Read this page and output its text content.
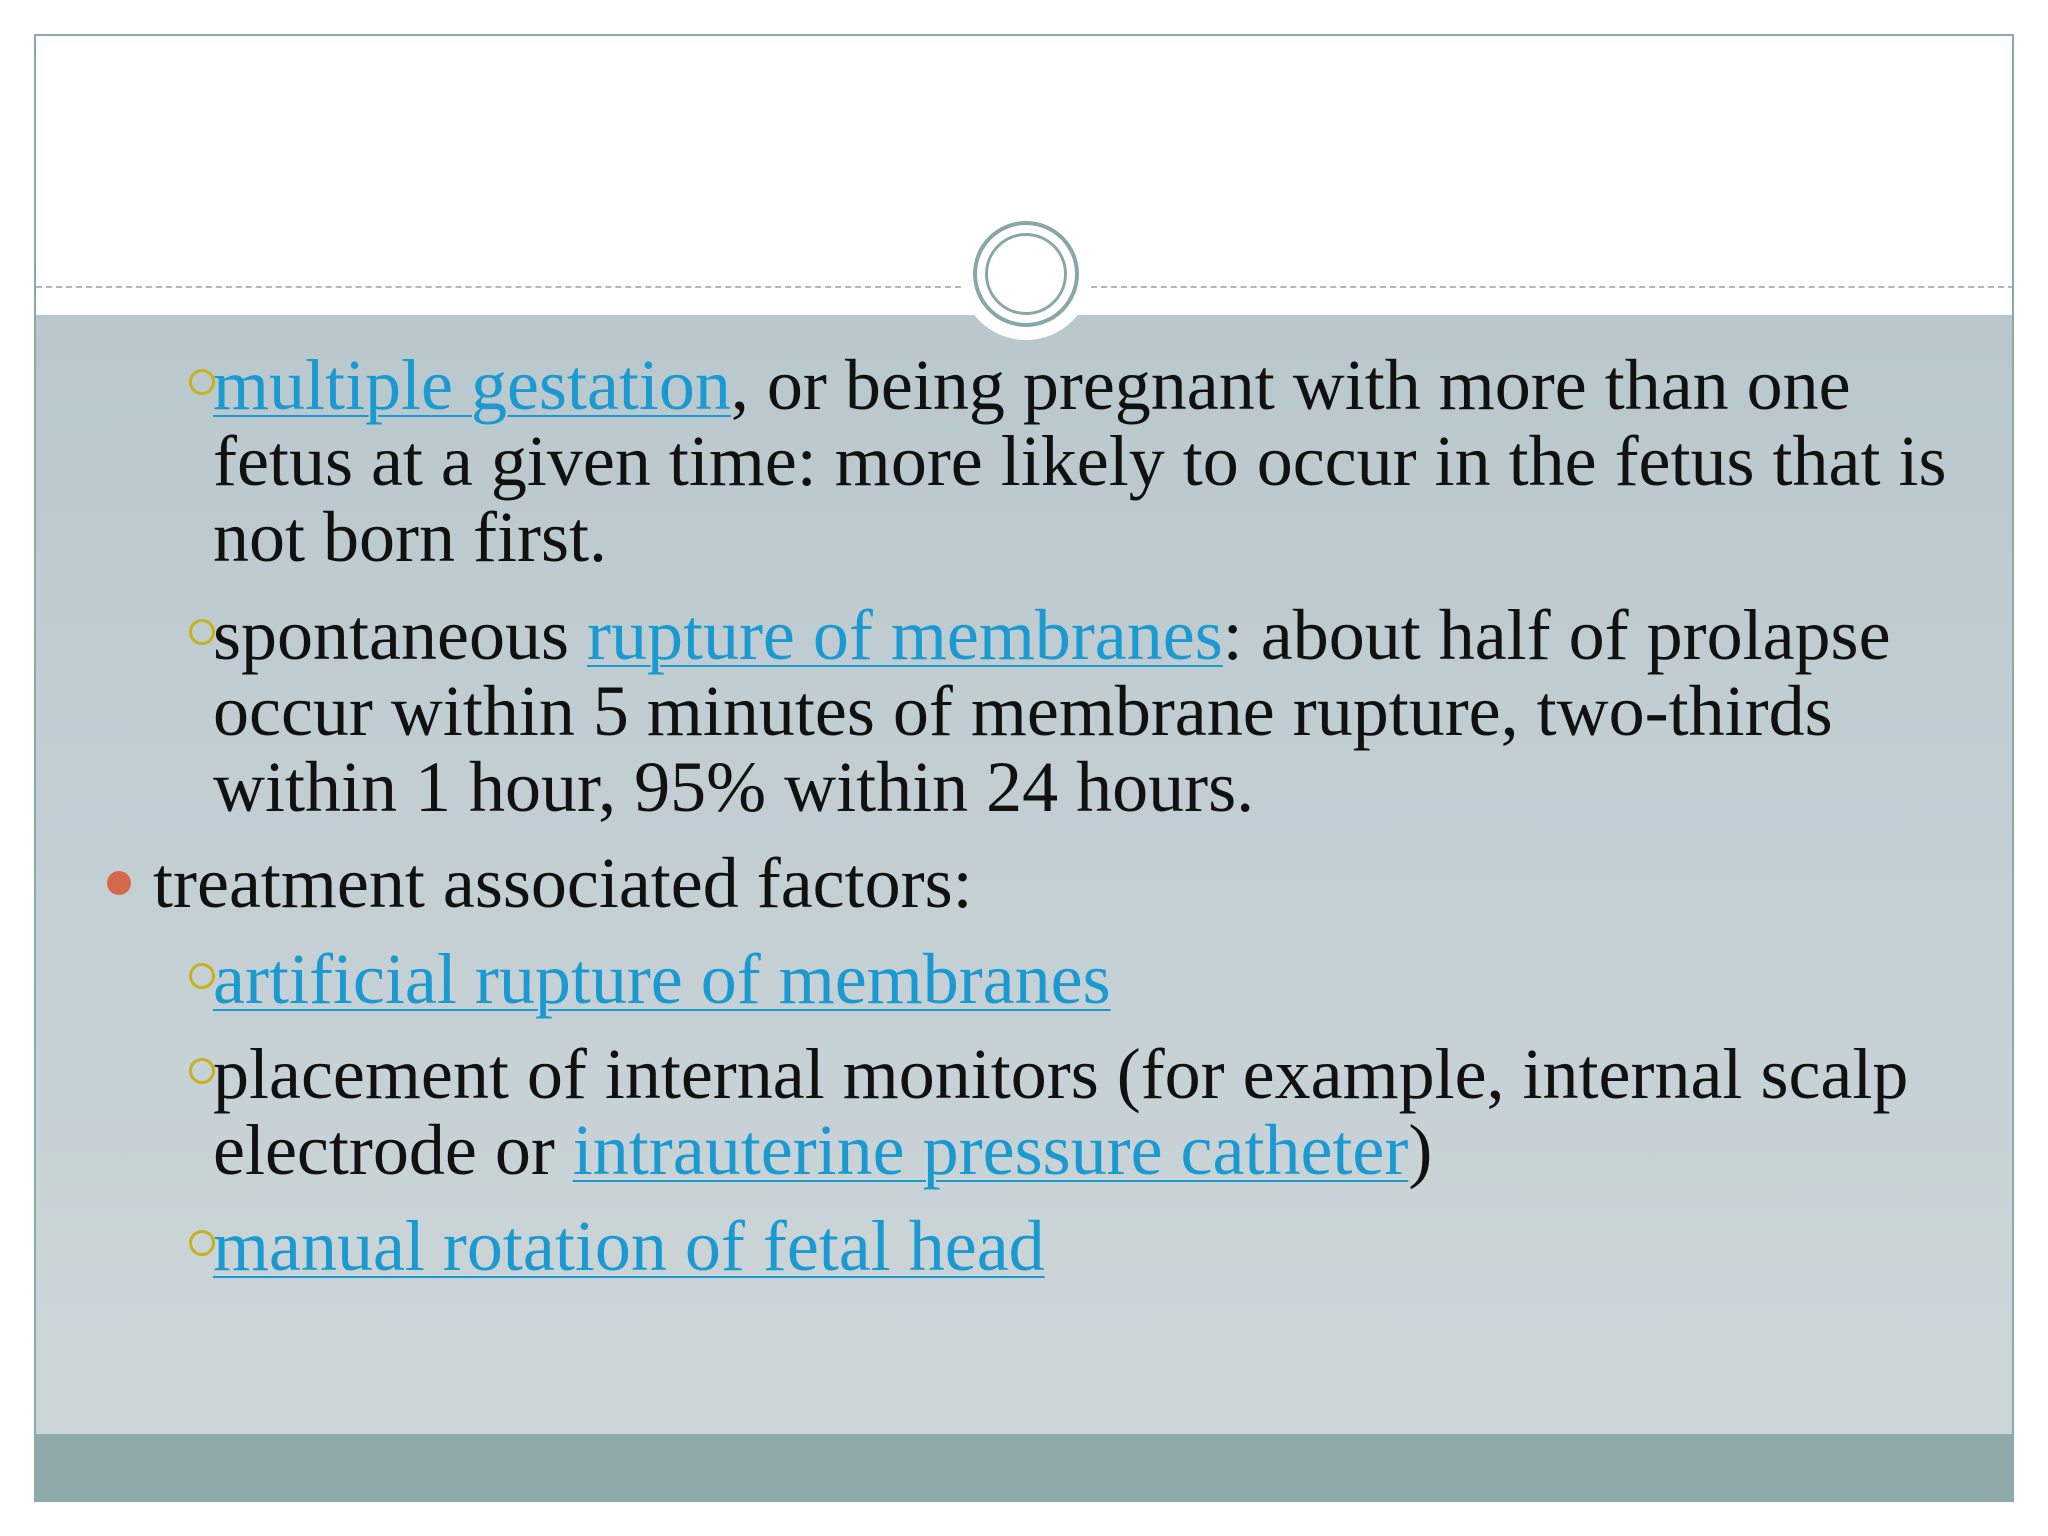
multiple gestation, or being pregnant with more than one fetus at a given time: more likely to occur in the fetus that is not born first.
spontaneous rupture of membranes: about half of prolapse occur within 5 minutes of membrane rupture, two-thirds within 1 hour, 95% within 24 hours.
treatment associated factors:
artificial rupture of membranes
placement of internal monitors (for example, internal scalp electrode or intrauterine pressure catheter)
manual rotation of fetal head
